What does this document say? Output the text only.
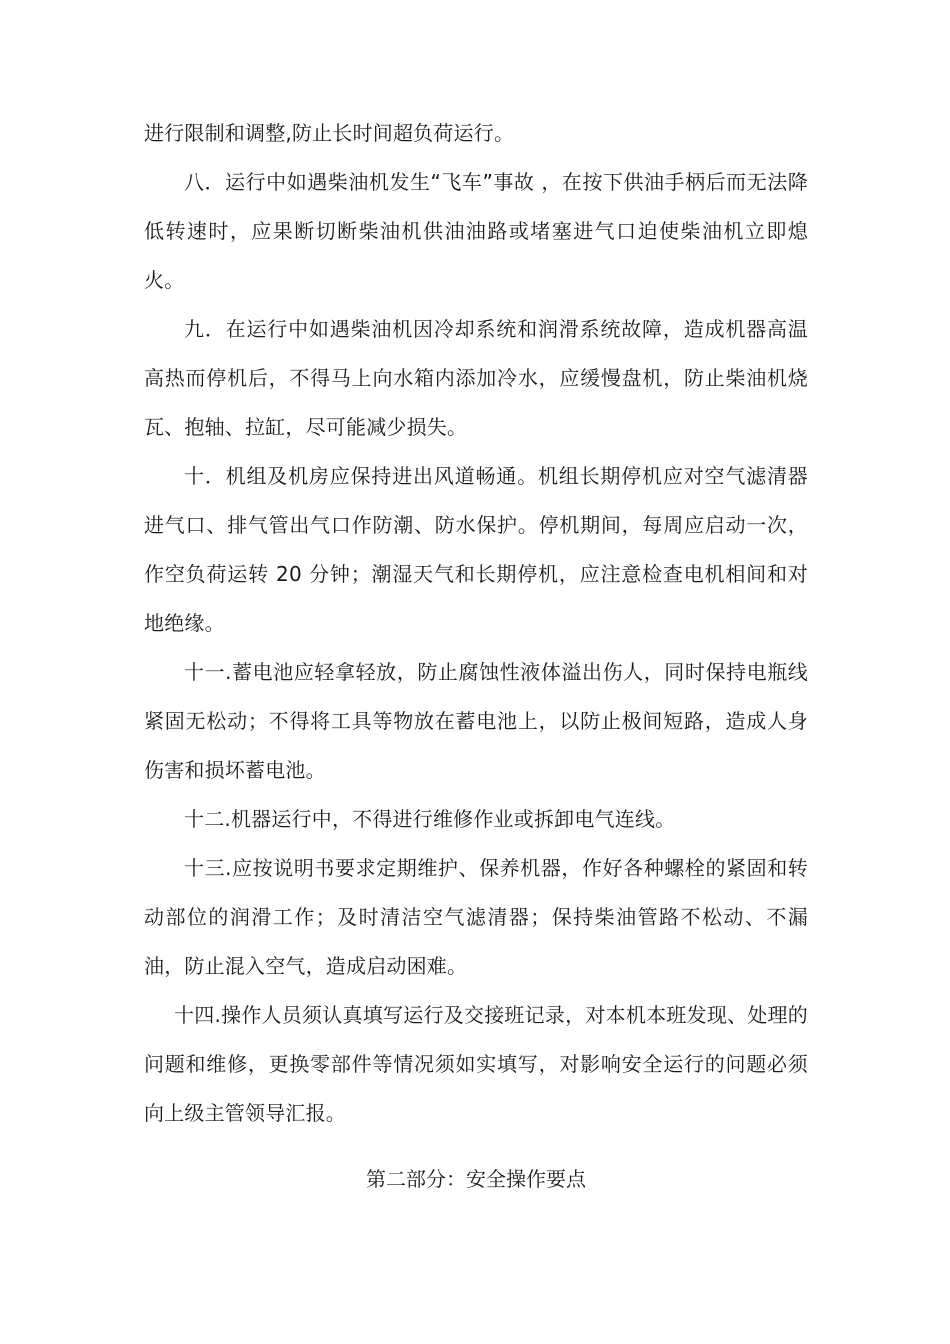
进行限制和调整,防止长时间超负荷运行。

八．运行中如遇柴油机发生“飞车”事故 ，在按下供油手柄后而无法降低转速时，应果断切断柴油机供油油路或堵塞进气口迫使柴油机立即熄火。

九．在运行中如遇柴油机因冷却系统和润滑系统故障，造成机器高温高热而停机后，不得马上向水箱内添加冷水，应缓慢盘机，防止柴油机烧瓦、抱轴、拉缸，尽可能减少损失。

十．机组及机房应保持进出风道畅通。机组长期停机应对空气滤清器进气口、排气管出气口作防潮、防水保护。停机期间，每周应启动一次，作空负荷运转 20 分钟；潮湿天气和长期停机，应注意检查电机相间和对地绝缘。

十一.蓄电池应轻拿轻放，防止腐蚀性液体溢出伤人，同时保持电瓶线紧固无松动；不得将工具等物放在蓄电池上，以防止极间短路，造成人身伤害和损坏蓄电池。

十二.机器运行中，不得进行维修作业或拆卸电气连线。

十三.应按说明书要求定期维护、保养机器，作好各种螺栓的紧固和转动部位的润滑工作；及时清洁空气滤清器；保持柴油管路不松动、不漏油，防止混入空气，造成启动困难。

十四.操作人员须认真填写运行及交接班记录，对本机本班发现、处理的问题和维修，更换零部件等情况须如实填写，对影响安全运行的问题必须向上级主管领导汇报。

第二部分：安全操作要点
